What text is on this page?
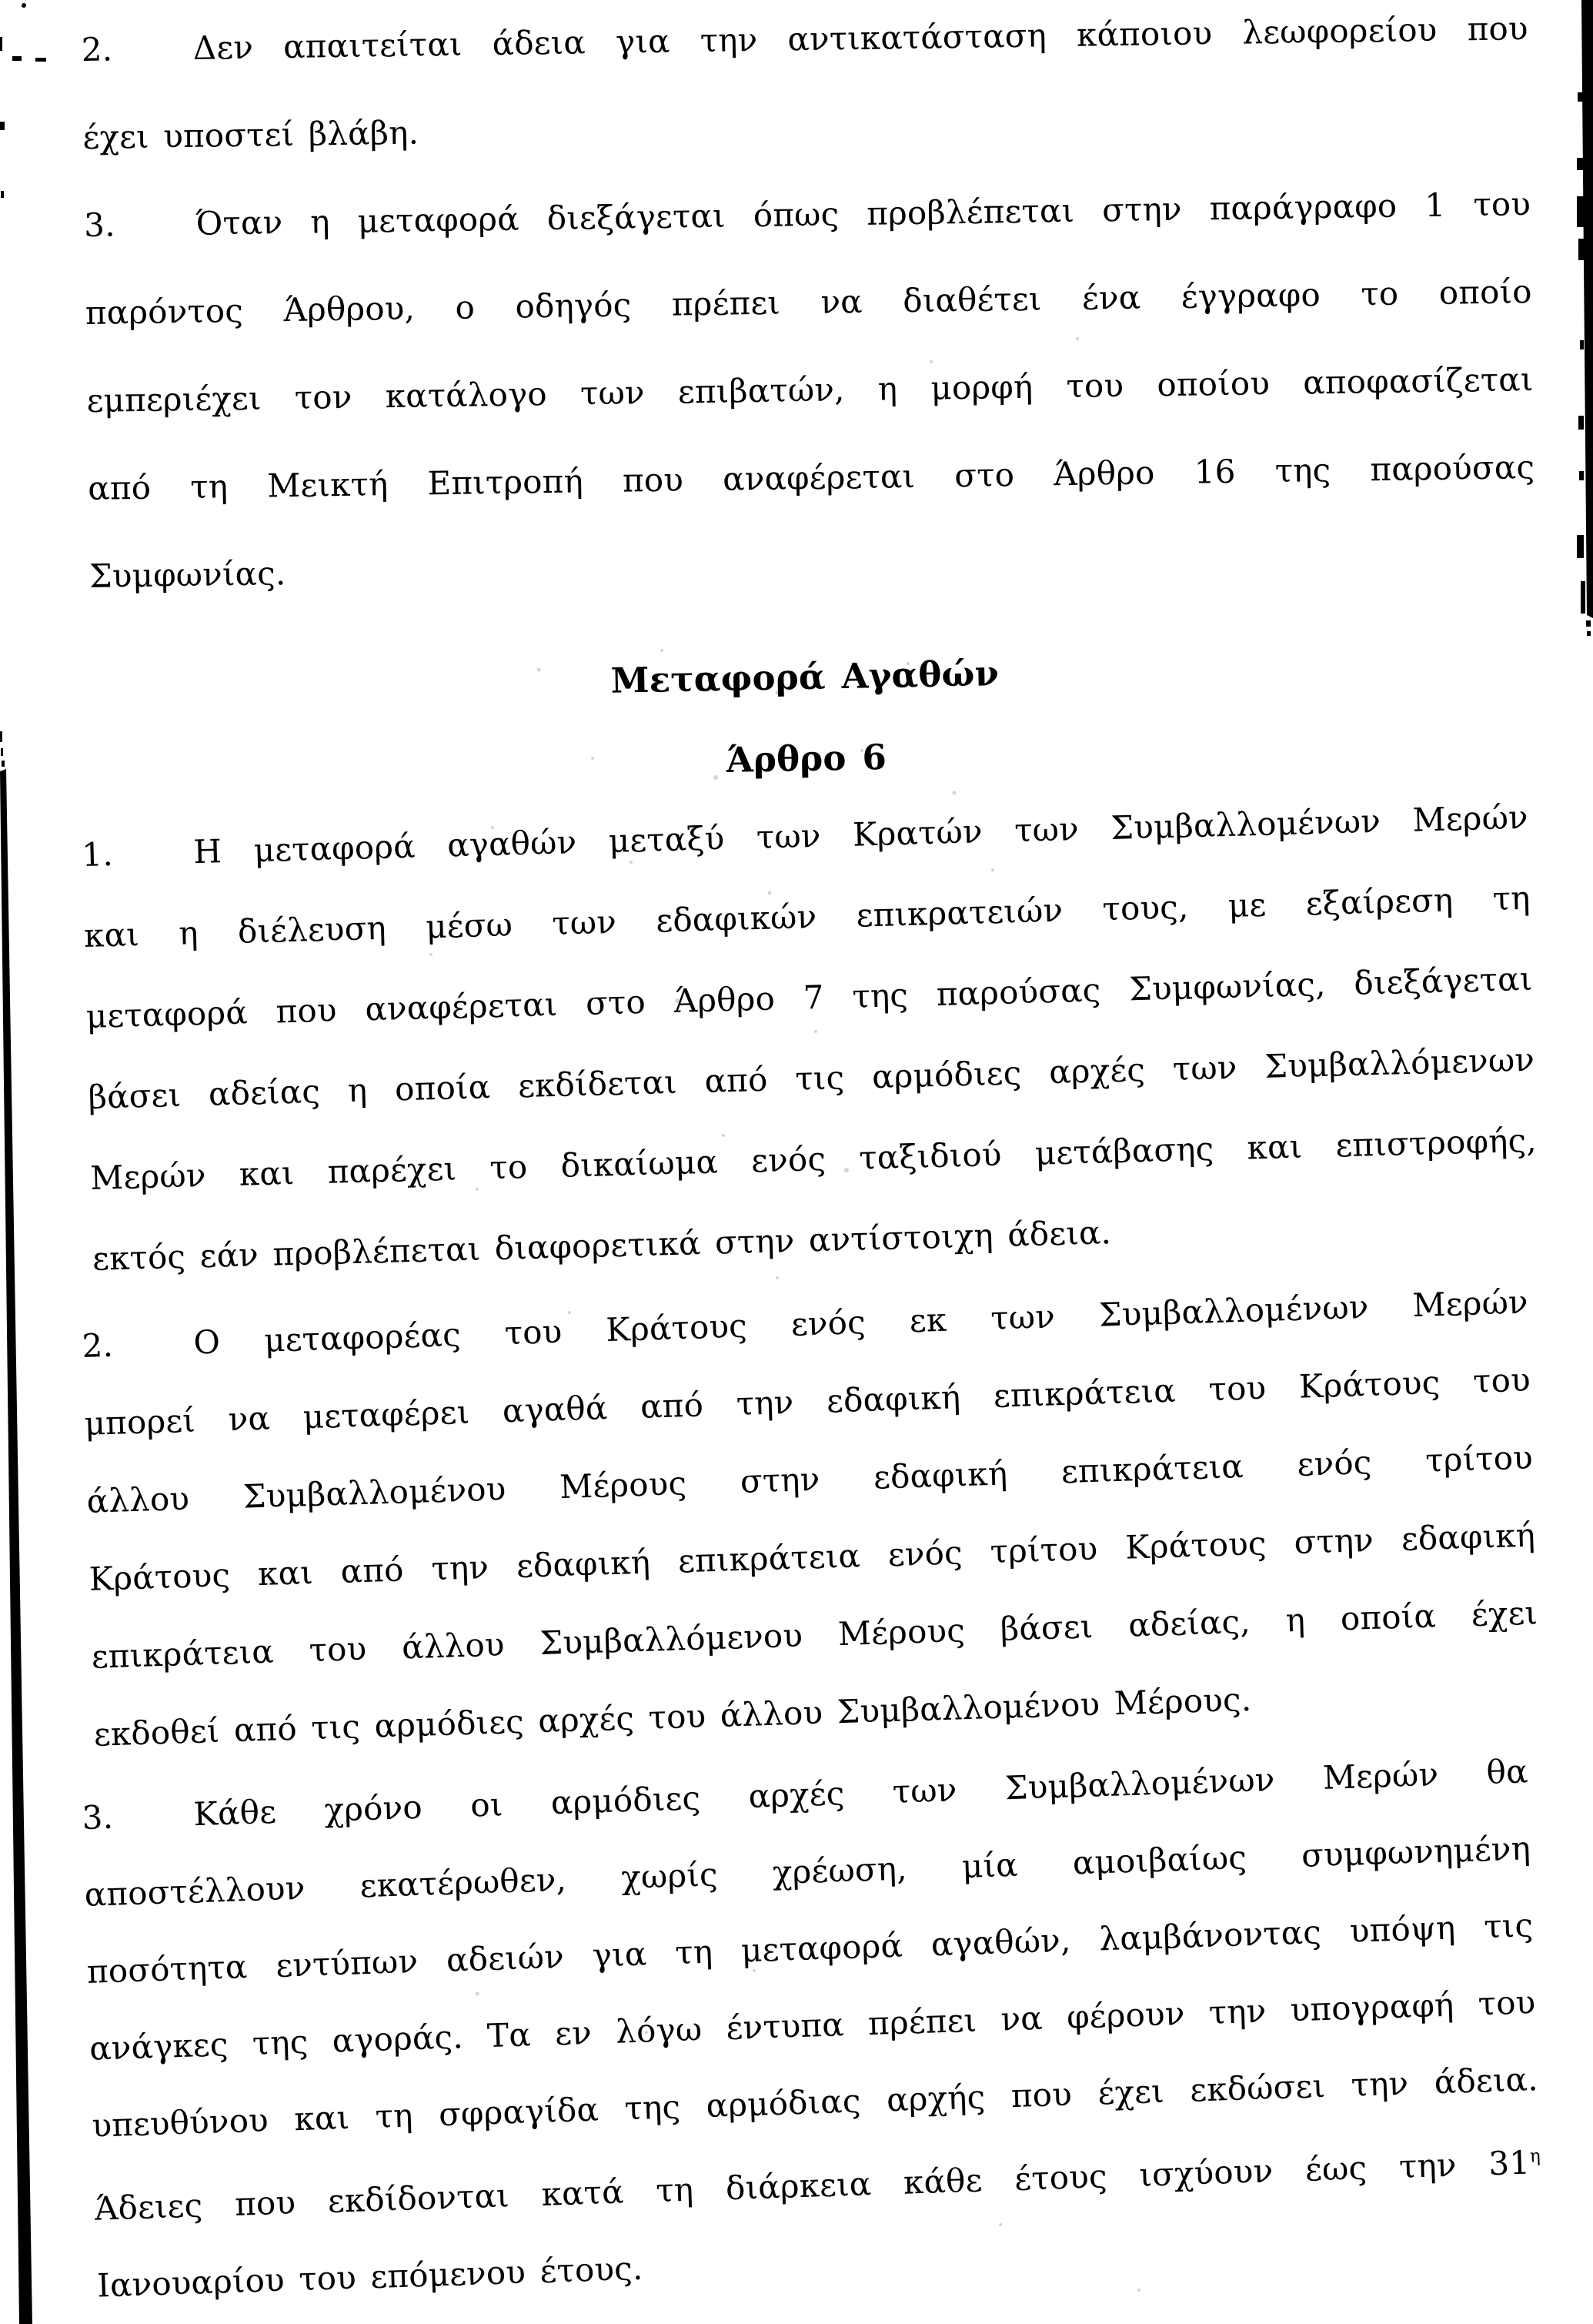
2. Δεν απαιτείται άδεια για την αντικατάσταση κάποιου λεωφορείου που
έχει υποστεί βλάβη.
3. Όταν η μεταφορά διεξάγεται όπως προβλέπεται στην παράγραφο 1 του
παρόντος Άρθρου, ο οδηγός πρέπει να διαθέτει ένα έγγραφο το οποίο
εμπεριέχει τον κατάλογο των επιβατών, η μορφή του οποίου αποφασίζεται
από τη Μεικτή Επιτροπή που αναφέρεται στο Άρθρο 16 της παρούσας
Συμφωνίας.
Μεταφορά Αγαθών
Άρθρο 6
1. Η μεταφορά αγαθών μεταξύ των Κρατών των Συμβαλλομένων Μερών
και η διέλευση μέσω των εδαφικών επικρατειών τους, με εξαίρεση τη
μεταφορά που αναφέρεται στο Άρθρο 7 της παρούσας Συμφωνίας, διεξάγεται
βάσει αδείας η οποία εκδίδεται από τις αρμόδιες αρχές των Συμβαλλόμενων
Μερών και παρέχει το δικαίωμα ενός ταξιδιού μετάβασης και επιστροφής,
εκτός εάν προβλέπεται διαφορετικά στην αντίστοιχη άδεια.
2. Ο μεταφορέας του Κράτους ενός εκ των Συμβαλλομένων Μερών
μπορεί να μεταφέρει αγαθά από την εδαφική επικράτεια του Κράτους του
άλλου Συμβαλλομένου Μέρους στην εδαφική επικράτεια ενός τρίτου
Κράτους και από την εδαφική επικράτεια ενός τρίτου Κράτους στην εδαφική
επικράτεια του άλλου Συμβαλλόμενου Μέρους βάσει αδείας, η οποία έχει
εκδοθεί από τις αρμόδιες αρχές του άλλου Συμβαλλομένου Μέρους.
3. Κάθε χρόνο οι αρμόδιες αρχές των Συμβαλλομένων Μερών θα
αποστέλλουν εκατέρωθεν, χωρίς χρέωση, μία αμοιβαίως συμφωνημένη
ποσότητα εντύπων αδειών για τη μεταφορά αγαθών, λαμβάνοντας υπόψη τις
ανάγκες της αγοράς. Τα εν λόγω έντυπα πρέπει να φέρουν την υπογραφή του
υπευθύνου και τη σφραγίδα της αρμόδιας αρχής που έχει εκδώσει την άδεια.
Άδειες που εκδίδονται κατά τη διάρκεια κάθε έτους ισχύουν έως την $31^\eta$
Ιανουαρίου του επόμενου έτους.
